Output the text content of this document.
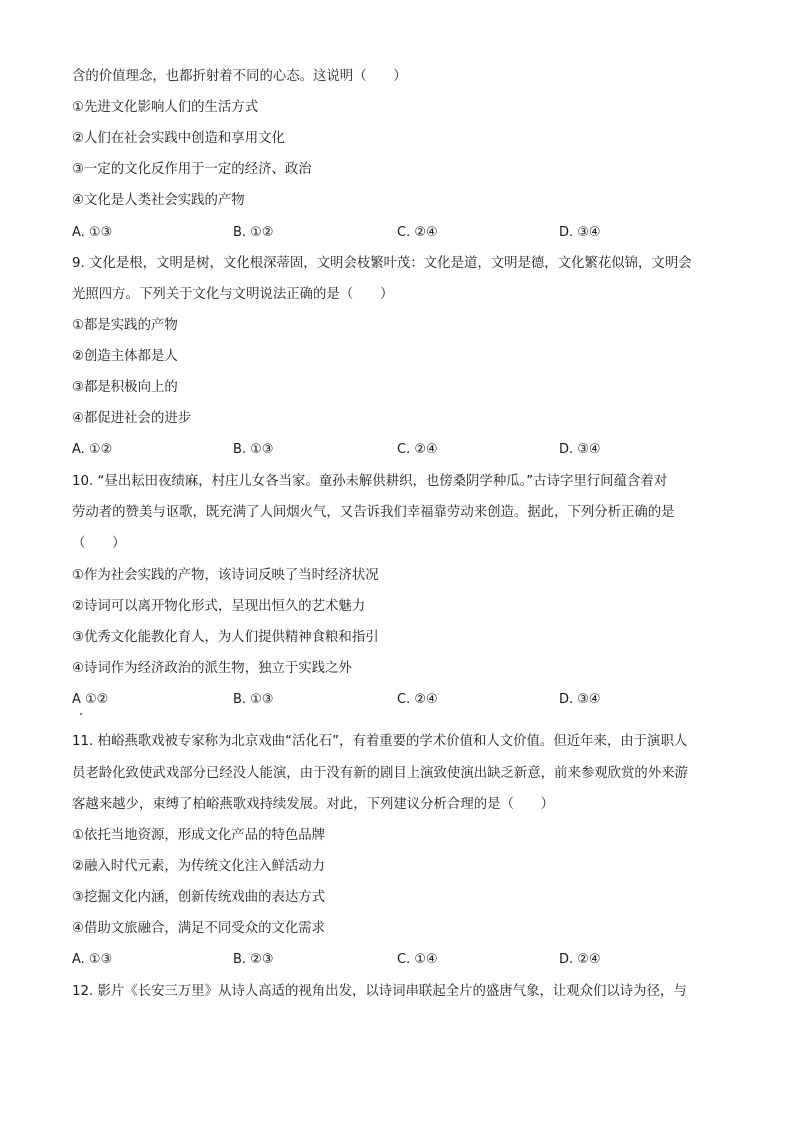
含的价值理念，也都折射着不同的心态。这说明（　　）
①先进文化影响人们的生活方式
②人们在社会实践中创造和享用文化
③一定的文化反作用于一定的经济、政治
④文化是人类社会实践的产物
A. ①③	B. ①②	C. ②④	D. ③④
9. 文化是根，文明是树，文化根深蒂固，文明会枝繁叶茂：文化是道，文明是德，文化繁花似锦，文明会
光照四方。下列关于文化与文明说法正确的是（　　）
①都是实践的产物
②创造主体都是人
③都是积极向上的
④都促进社会的进步
A. ①②	B. ①③	C. ②④	D. ③④
10. “昼出耘田夜绩麻，村庄儿女各当家。童孙未解供耕织，也傍桑阴学种瓜。”古诗字里行间蕴含着对
劳动者的赞美与讴歌，既充满了人间烟火气，又告诉我们幸福靠劳动来创造。据此，下列分析正确的是
（　　）
①作为社会实践的产物，该诗词反映了当时经济状况
②诗词可以离开物化形式，呈现出恒久的艺术魅力
③优秀文化能教化育人，为人们提供精神食粮和指引
④诗词作为经济政治的派生物，独立于实践之外
A ①②	B. ①③	C. ②④	D. ③④
11. 柏峪燕歌戏被专家称为北京戏曲“活化石”，有着重要的学术价值和人文价值。但近年来，由于演职人
员老龄化致使武戏部分已经没人能演，由于没有新的剧目上演致使演出缺乏新意，前来参观欣赏的外来游
客越来越少，束缚了柏峪燕歌戏持续发展。对此，下列建议分析合理的是（　　）
①依托当地资源，形成文化产品的特色品牌
②融入时代元素，为传统文化注入鲜活动力
③挖掘文化内涵，创新传统戏曲的表达方式
④借助文旅融合，满足不同受众的文化需求
A. ①③	B. ②③	C. ①④	D. ②④
12. 影片《长安三万里》从诗人高适的视角出发，以诗词串联起全片的盛唐气象，让观众们以诗为径，与
